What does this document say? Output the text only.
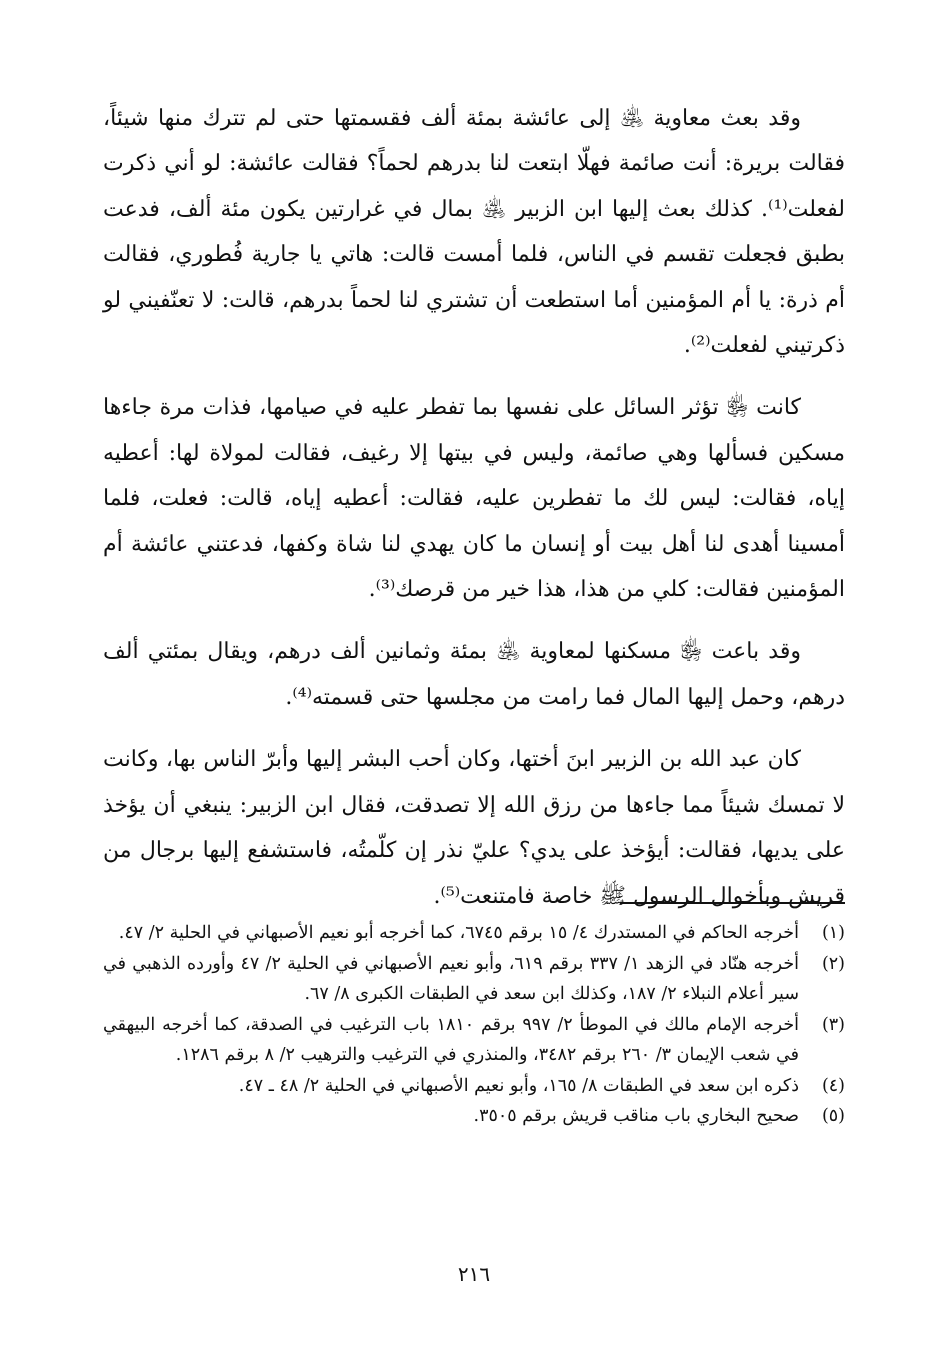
وقد بعث معاوية ﵁ إلى عائشة بمئة ألف فقسمتها حتى لم تترك منها شيئاً، فقالت بريرة: أنت صائمة فهلّا ابتعت لنا بدرهم لحماً؟ فقالت عائشة: لو أني ذكرت لفعلت⁽¹⁾. كذلك بعث إليها ابن الزبير ﵁ بمال في غرارتين يكون مئة ألف، فدعت بطبق فجعلت تقسم في الناس، فلما أمست قالت: هاتي يا جارية فُطوري، فقالت أم ذرة: يا أم المؤمنين أما استطعت أن تشتري لنا لحماً بدرهم، قالت: لا تعنّفيني لو ذكرتيني لفعلت⁽²⁾.

كانت ﵂ تؤثر السائل على نفسها بما تفطر عليه في صيامها، فذات مرة جاءها مسكين فسألها وهي صائمة، وليس في بيتها إلا رغيف، فقالت لمولاة لها: أعطيه إياه، فقالت: ليس لك ما تفطرين عليه، فقالت: أعطيه إياه، قالت: فعلت، فلما أمسينا أهدى لنا أهل بيت أو إنسان ما كان يهدي لنا شاة وكفها، فدعتني عائشة أم المؤمنين فقالت: كلي من هذا، هذا خير من قرصك⁽³⁾.

وقد باعت ﵂ مسكنها لمعاوية ﵁ بمئة وثمانين ألف درهم، ويقال بمئتي ألف درهم، وحمل إليها المال فما رامت من مجلسها حتى قسمته⁽⁴⁾.

كان عبد الله بن الزبير ابنَ أختها، وكان أحب البشر إليها وأبرّ الناس بها، وكانت لا تمسك شيئاً مما جاءها من رزق الله إلا تصدقت، فقال ابن الزبير: ينبغي أن يؤخذ على يديها، فقالت: أيؤخذ على يدي؟ عليّ نذر إن كلّمتُه، فاستشفع إليها برجال من قريش وبأخوال الرسول ﷺ خاصة فامتنعت⁽⁵⁾.

(١)
أخرجه الحاكم في المستدرك ٤/ ١٥ برقم ٦٧٤٥، كما أخرجه أبو نعيم الأصبهاني في الحلية ٢/ ٤٧.
(٢)
أخرجه هنّاد في الزهد ١/ ٣٣٧ برقم ٦١٩، وأبو نعيم الأصبهاني في الحلية ٢/ ٤٧ وأورده الذهبي في سير أعلام النبلاء ٢/ ١٨٧، وكذلك ابن سعد في الطبقات الكبرى ٨/ ٦٧.
(٣)
أخرجه الإمام مالك في الموطأ ٢/ ٩٩٧ برقم ١٨١٠ باب الترغيب في الصدقة، كما أخرجه البيهقي في شعب الإيمان ٣/ ٢٦٠ برقم ٣٤٨٢، والمنذري في الترغيب والترهيب ٢/ ٨ برقم ١٢٨٦.
(٤)
ذكره ابن سعد في الطبقات ٨/ ١٦٥، وأبو نعيم الأصبهاني في الحلية ٢/ ٤٨ ـ ٤٧.
(٥)
صحيح البخاري باب مناقب قريش برقم ٣٥٠٥.
٢١٦
